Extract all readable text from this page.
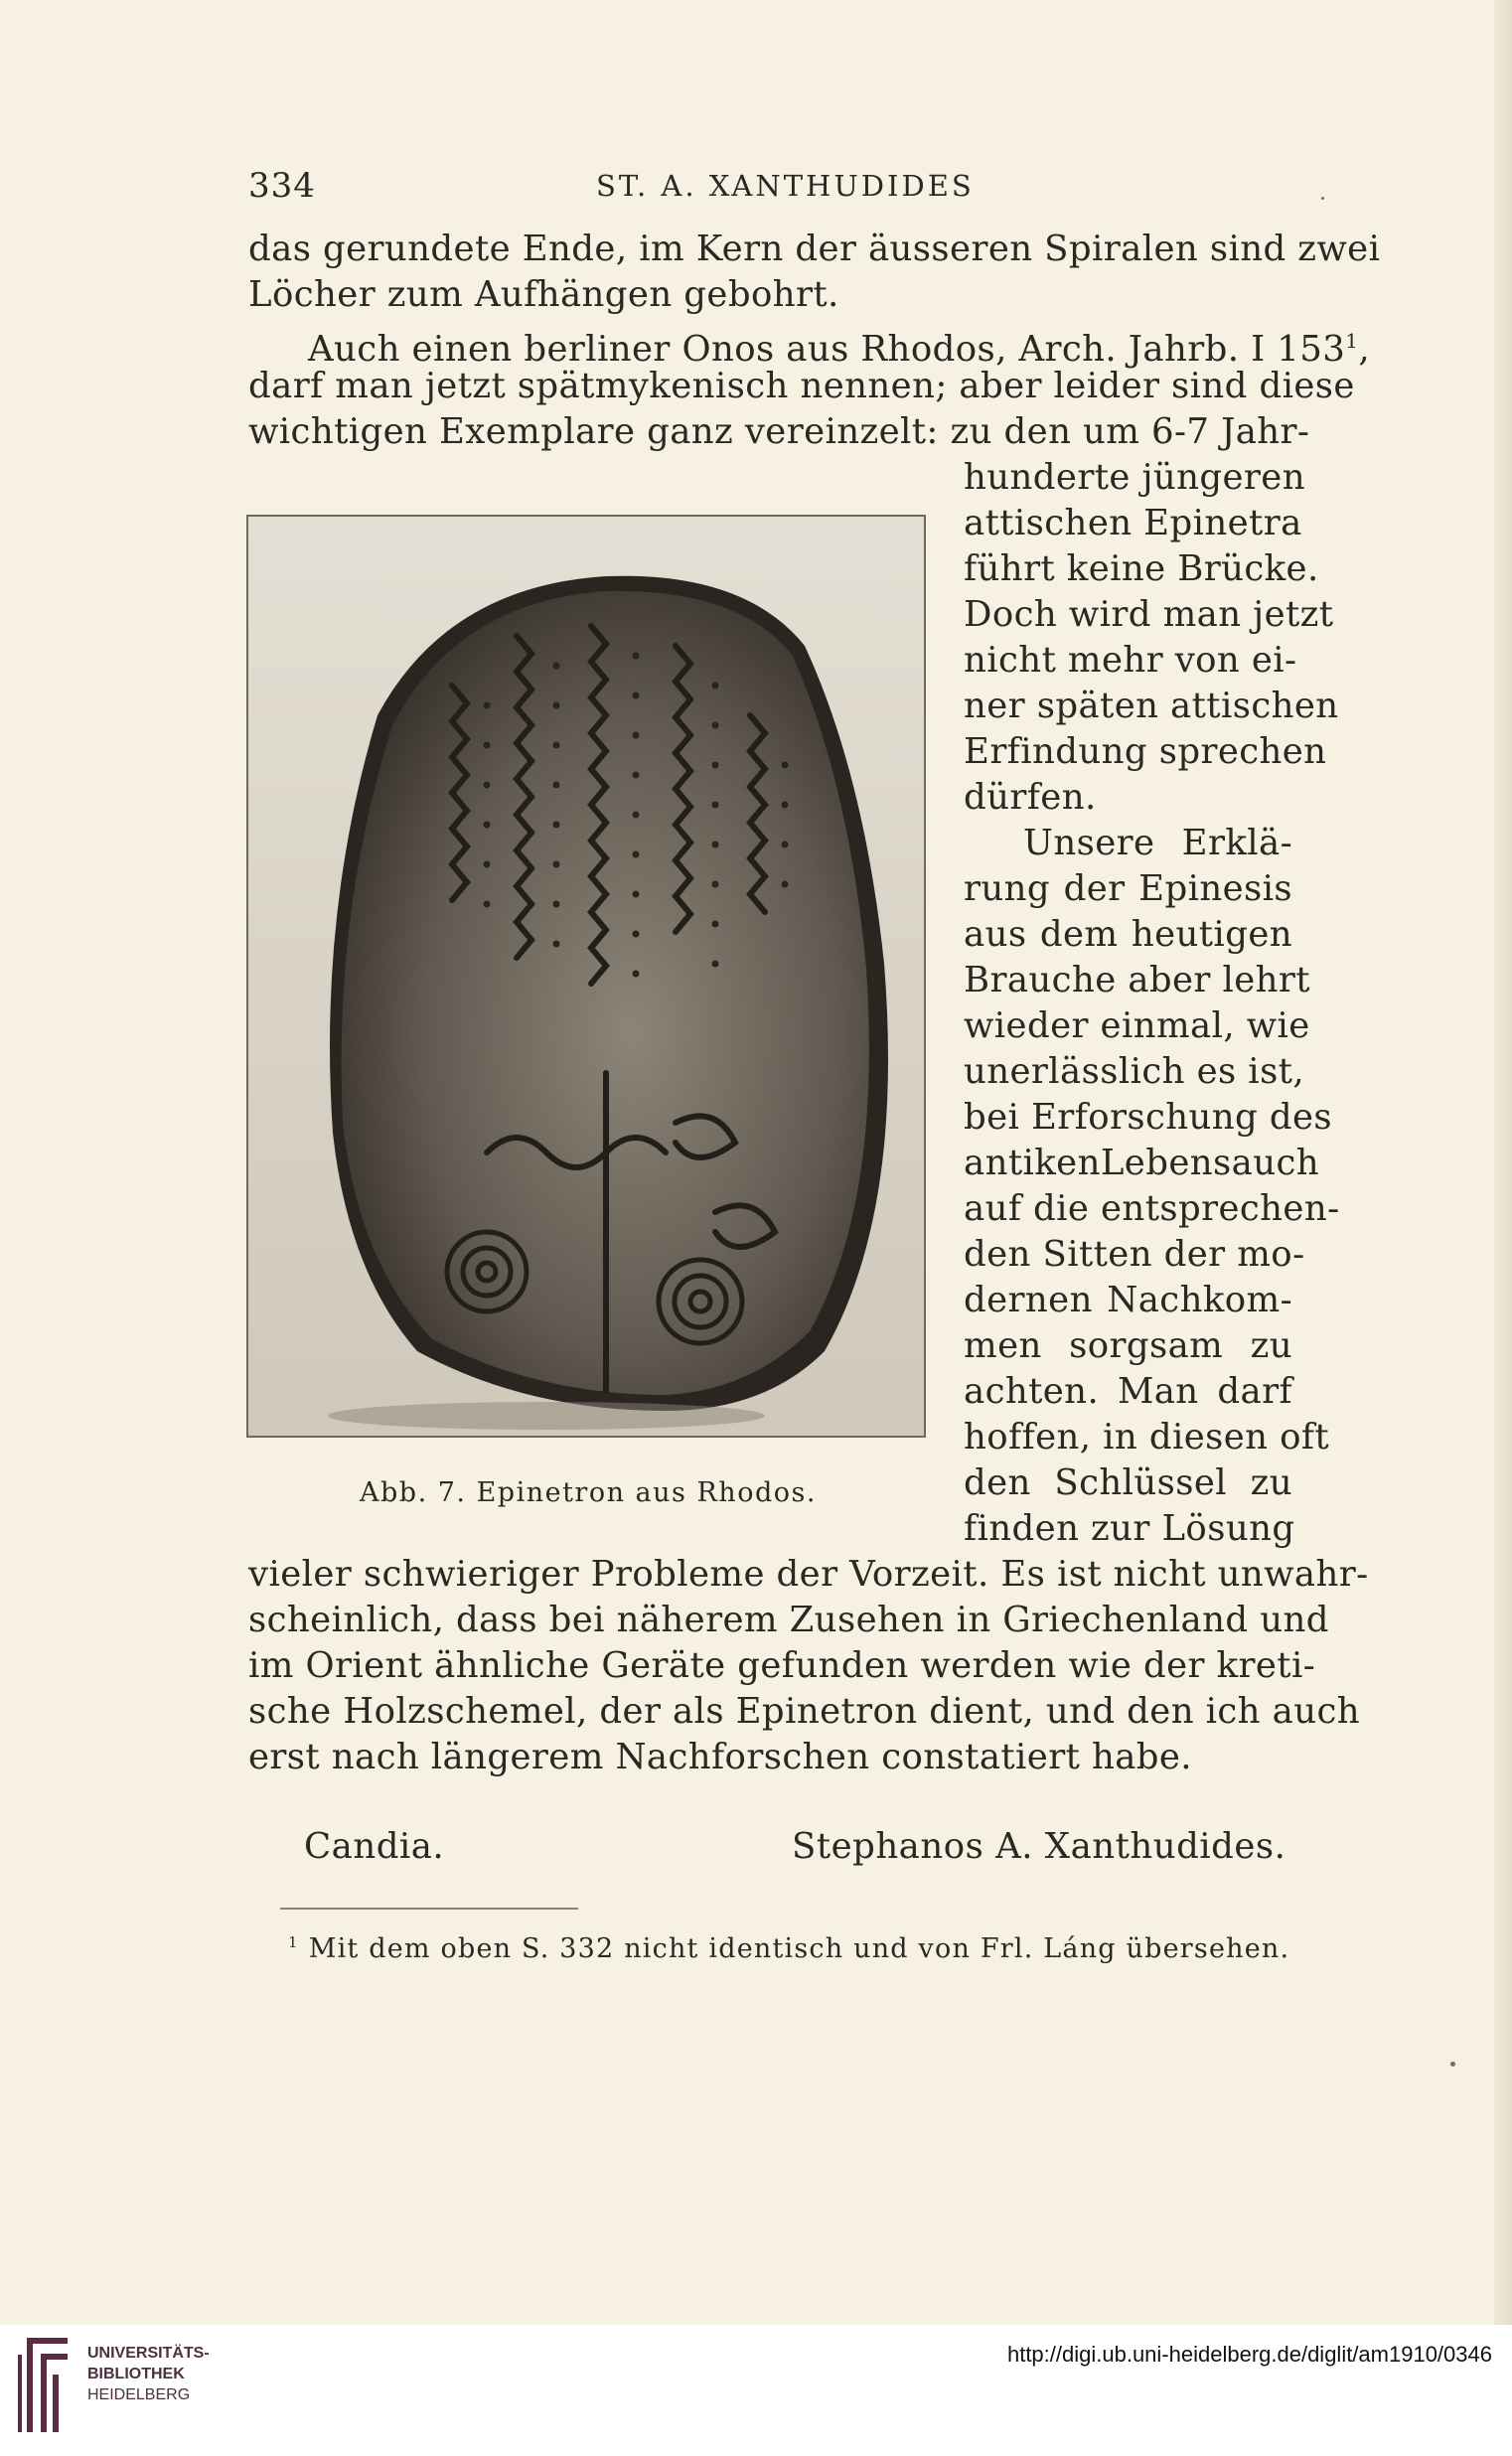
334	ST. A. XANTHUDIDES
das gerundete Ende, im Kern der äusseren Spiralen sind zwei
Löcher zum Aufhängen gebohrt.
Auch einen berliner Onos aus Rhodos, Arch. Jahrb. I $153^1$,
darf man jetzt spätmykenisch nennen; aber leider sind diese
wichtigen Exemplare ganz vereinzelt: zu den um 6-7 Jahr-
Abb. 7. Epinetron aus Rhodos.
hunderte jüngeren
attischen Epinetra
führt keine Brücke.
Doch wird man jetzt
nicht mehr von ei-
ner späten attischen
Erfindung sprechen
dürfen.
Unsere Erklä-
rung der Epinesis
aus dem heutigen
Brauche aber lehrt
wieder einmal, wie
unerlässlich es ist,
bei Erforschung des
antikenLebensauch
auf die entsprechen-
den Sitten der mo-
dernen Nachkom-
men sorgsam zu
achten. Man darf
hoffen, in diesen oft
den Schlüssel zu
finden zur Lösung
vieler schwieriger Probleme der Vorzeit. Es ist nicht unwahr-
scheinlich, dass bei näherem Zusehen in Griechenland und
im Orient ähnliche Geräte gefunden werden wie der kreti-
sche Holzschemel, der als Epinetron dient, und den ich auch
erst nach längerem Nachforschen constatiert habe.
Candia.	Stephanos A. Xanthudides.
$^1$ Mit dem oben S. 332 nicht identisch und von Frl. Láng übersehen.
UNIVERSITÄTS-
BIBLIOTHEK
HEIDELBERG
http://digi.ub.uni-heidelberg.de/diglit/am1910/0346
